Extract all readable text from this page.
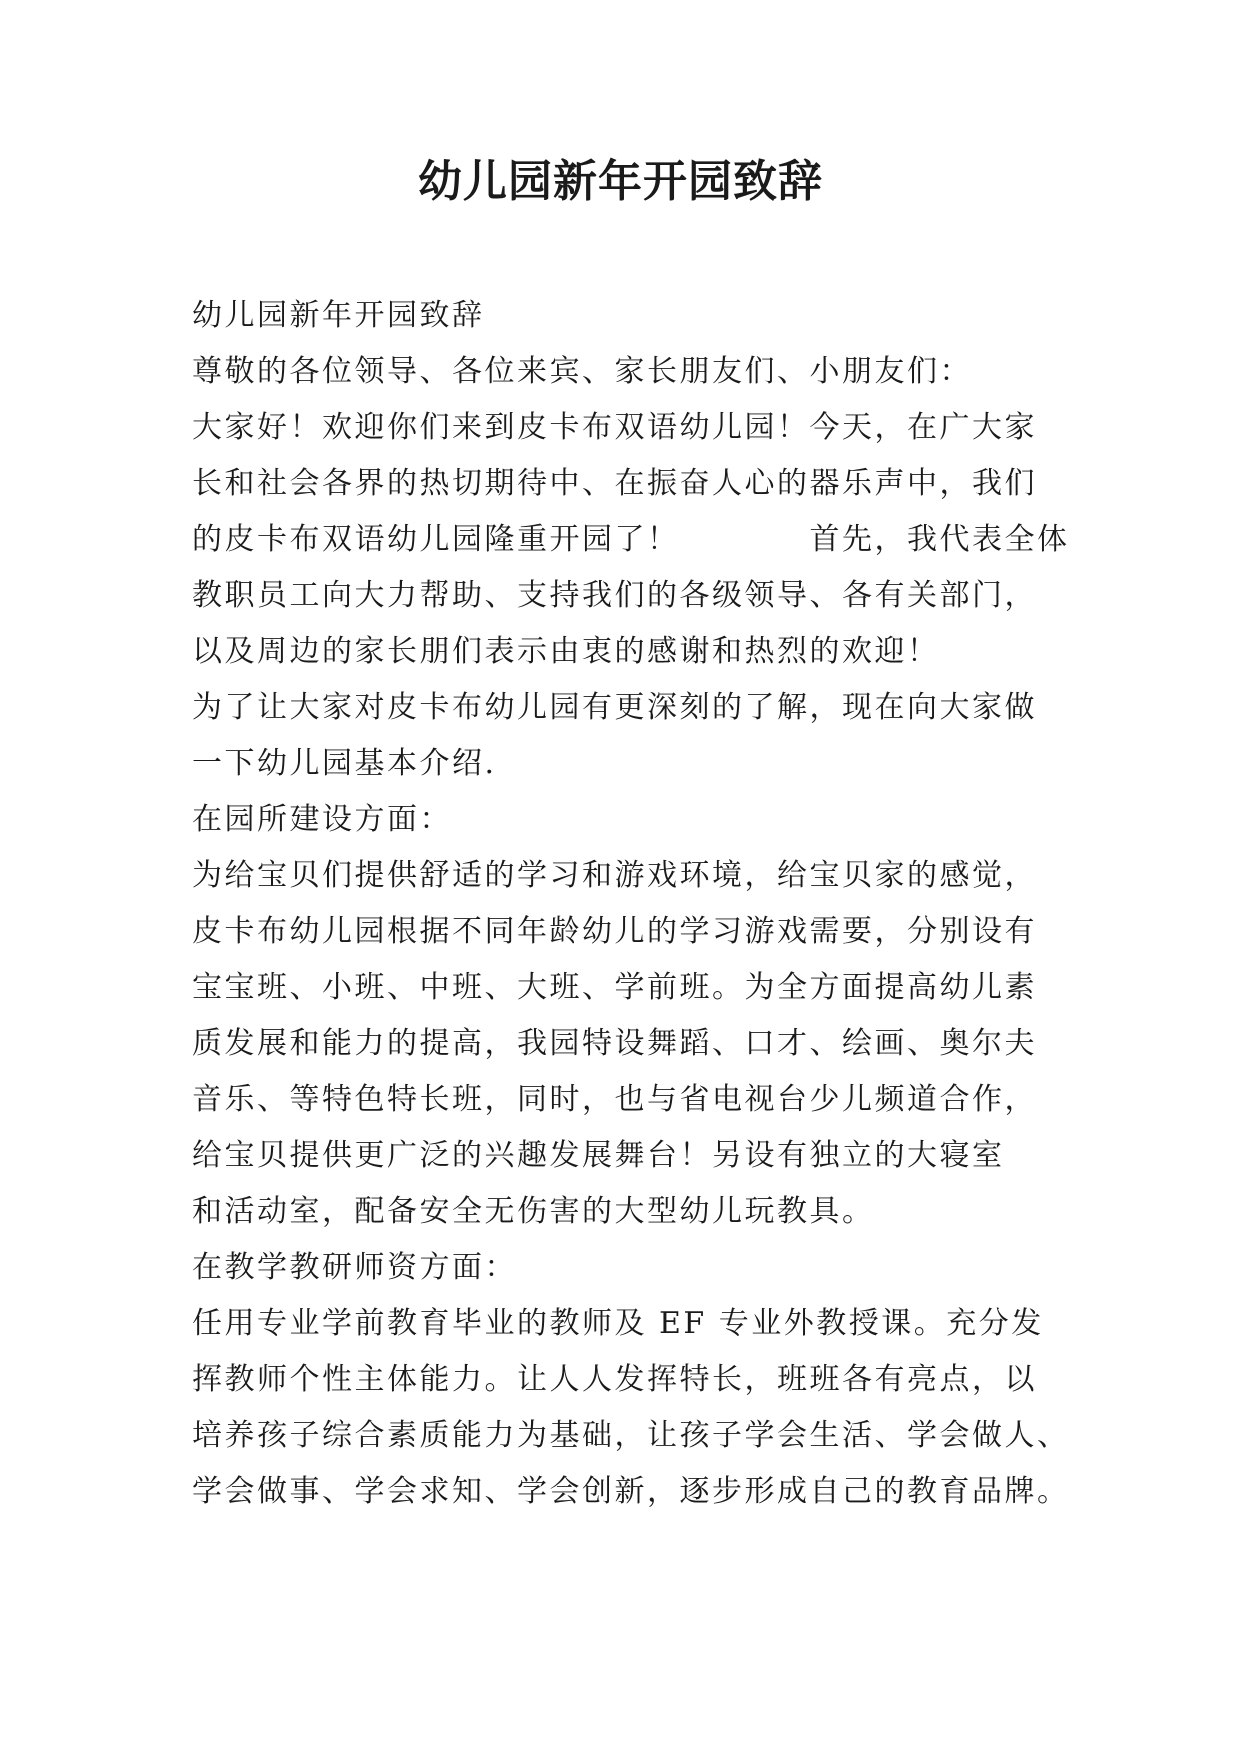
幼儿园新年开园致辞
幼儿园新年开园致辞
尊敬的各位领导、各位来宾、家长朋友们、小朋友们：
大家好！欢迎你们来到皮卡布双语幼儿园！今天，在广大家
长和社会各界的热切期待中、在振奋人心的器乐声中，我们
的皮卡布双语幼儿园隆重开园了！　　　　首先，我代表全体
教职员工向大力帮助、支持我们的各级领导、各有关部门，
以及周边的家长朋们表示由衷的感谢和热烈的欢迎！
为了让大家对皮卡布幼儿园有更深刻的了解，现在向大家做
一下幼儿园基本介绍.
在园所建设方面：
为给宝贝们提供舒适的学习和游戏环境，给宝贝家的感觉，
皮卡布幼儿园根据不同年龄幼儿的学习游戏需要，分别设有
宝宝班、小班、中班、大班、学前班。为全方面提高幼儿素
质发展和能力的提高，我园特设舞蹈、口才、绘画、奥尔夫
音乐、等特色特长班，同时，也与省电视台少儿频道合作，
给宝贝提供更广泛的兴趣发展舞台！另设有独立的大寝室
和活动室，配备安全无伤害的大型幼儿玩教具。
在教学教研师资方面：
任用专业学前教育毕业的教师及 EF 专业外教授课。充分发
挥教师个性主体能力。让人人发挥特长，班班各有亮点，以
培养孩子综合素质能力为基础，让孩子学会生活、学会做人、
学会做事、学会求知、学会创新，逐步形成自己的教育品牌。
